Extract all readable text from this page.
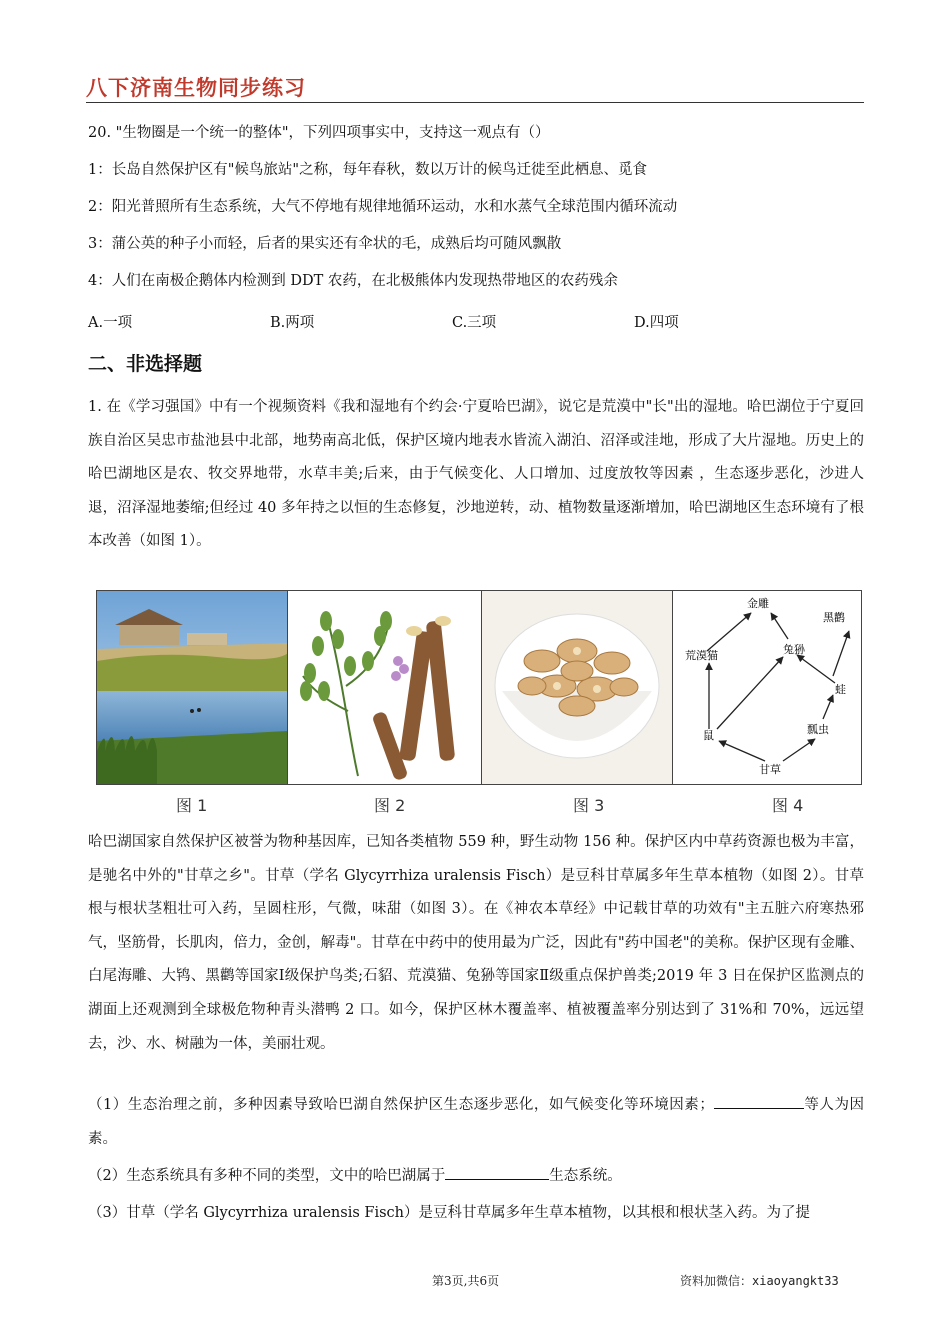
八下济南生物同步练习
20. "生物圈是一个统一的整体"，下列四项事实中，支持这一观点有（）
1：长岛自然保护区有"候鸟旅站"之称，每年春秋，数以万计的候鸟迁徙至此栖息、觅食
2：阳光普照所有生态系统，大气不停地有规律地循环运动，水和水蒸气全球范围内循环流动
3：蒲公英的种子小而轻，后者的果实还有伞状的毛，成熟后均可随风飘散
4：人们在南极企鹅体内检测到 DDT 农药，在北极熊体内发现热带地区的农药残余
A.一项	B.两项	C.三项	D.四项
二、非选择题
1. 在《学习强国》中有一个视频资料《我和湿地有个约会·宁夏哈巴湖》，说它是荒漠中"长"出的湿地。哈巴湖位于宁夏回族自治区吴忠市盐池县中北部，地势南高北低，保护区境内地表水皆流入湖泊、沼泽或洼地，形成了大片湿地。历史上的哈巴湖地区是农、牧交界地带，水草丰美;后来，由于气候变化、人口增加、过度放牧等因素 ，生态逐步恶化，沙进人退，沼泽湿地萎缩;但经过 40 多年持之以恒的生态修复，沙地逆转，动、植物数量逐渐增加，哈巴湖地区生态环境有了根本改善（如图 1）。
金雕
黑鹳
荒漠猫	兔狲
蛙
鼠	瓢虫
甘草
图 1	图 2	图 3	图 4
哈巴湖国家自然保护区被誉为物种基因库，已知各类植物 559 种，野生动物 156 种。保护区内中草药资源也极为丰富，是驰名中外的"甘草之乡"。甘草（学名 Glycyrrhiza uralensis Fisch）是豆科甘草属多年生草本植物（如图 2）。甘草根与根状茎粗壮可入药，呈圆柱形，气微，味甜（如图 3）。在《神农本草经》中记载甘草的功效有"主五脏六府寒热邪气，坚筋骨，长肌肉，倍力，金创，解毒"。甘草在中药中的使用最为广泛，因此有"药中国老"的美称。保护区现有金雕、白尾海雕、大鸨、黑鹳等国家Ⅰ级保护鸟类;石貂、荒漠猫、兔狲等国家Ⅱ级重点保护兽类;2019 年 3 日在保护区监测点的湖面上还观测到全球极危物种青头潜鸭 2 口。如今，保护区林木覆盖率、植被覆盖率分别达到了 31%和 70%，远远望去，沙、水、树融为一体，美丽壮观。
（1）生态治理之前，多种因素导致哈巴湖自然保护区生态逐步恶化，如气候变化等环境因素；	等人为因素。
（2）生态系统具有多种不同的类型，文中的哈巴湖属于	生态系统。
（3）甘草（学名 Glycyrrhiza uralensis Fisch）是豆科甘草属多年生草本植物，以其根和根状茎入药。为了提
第3页,共6页	资料加微信：xiaoyangkt33
